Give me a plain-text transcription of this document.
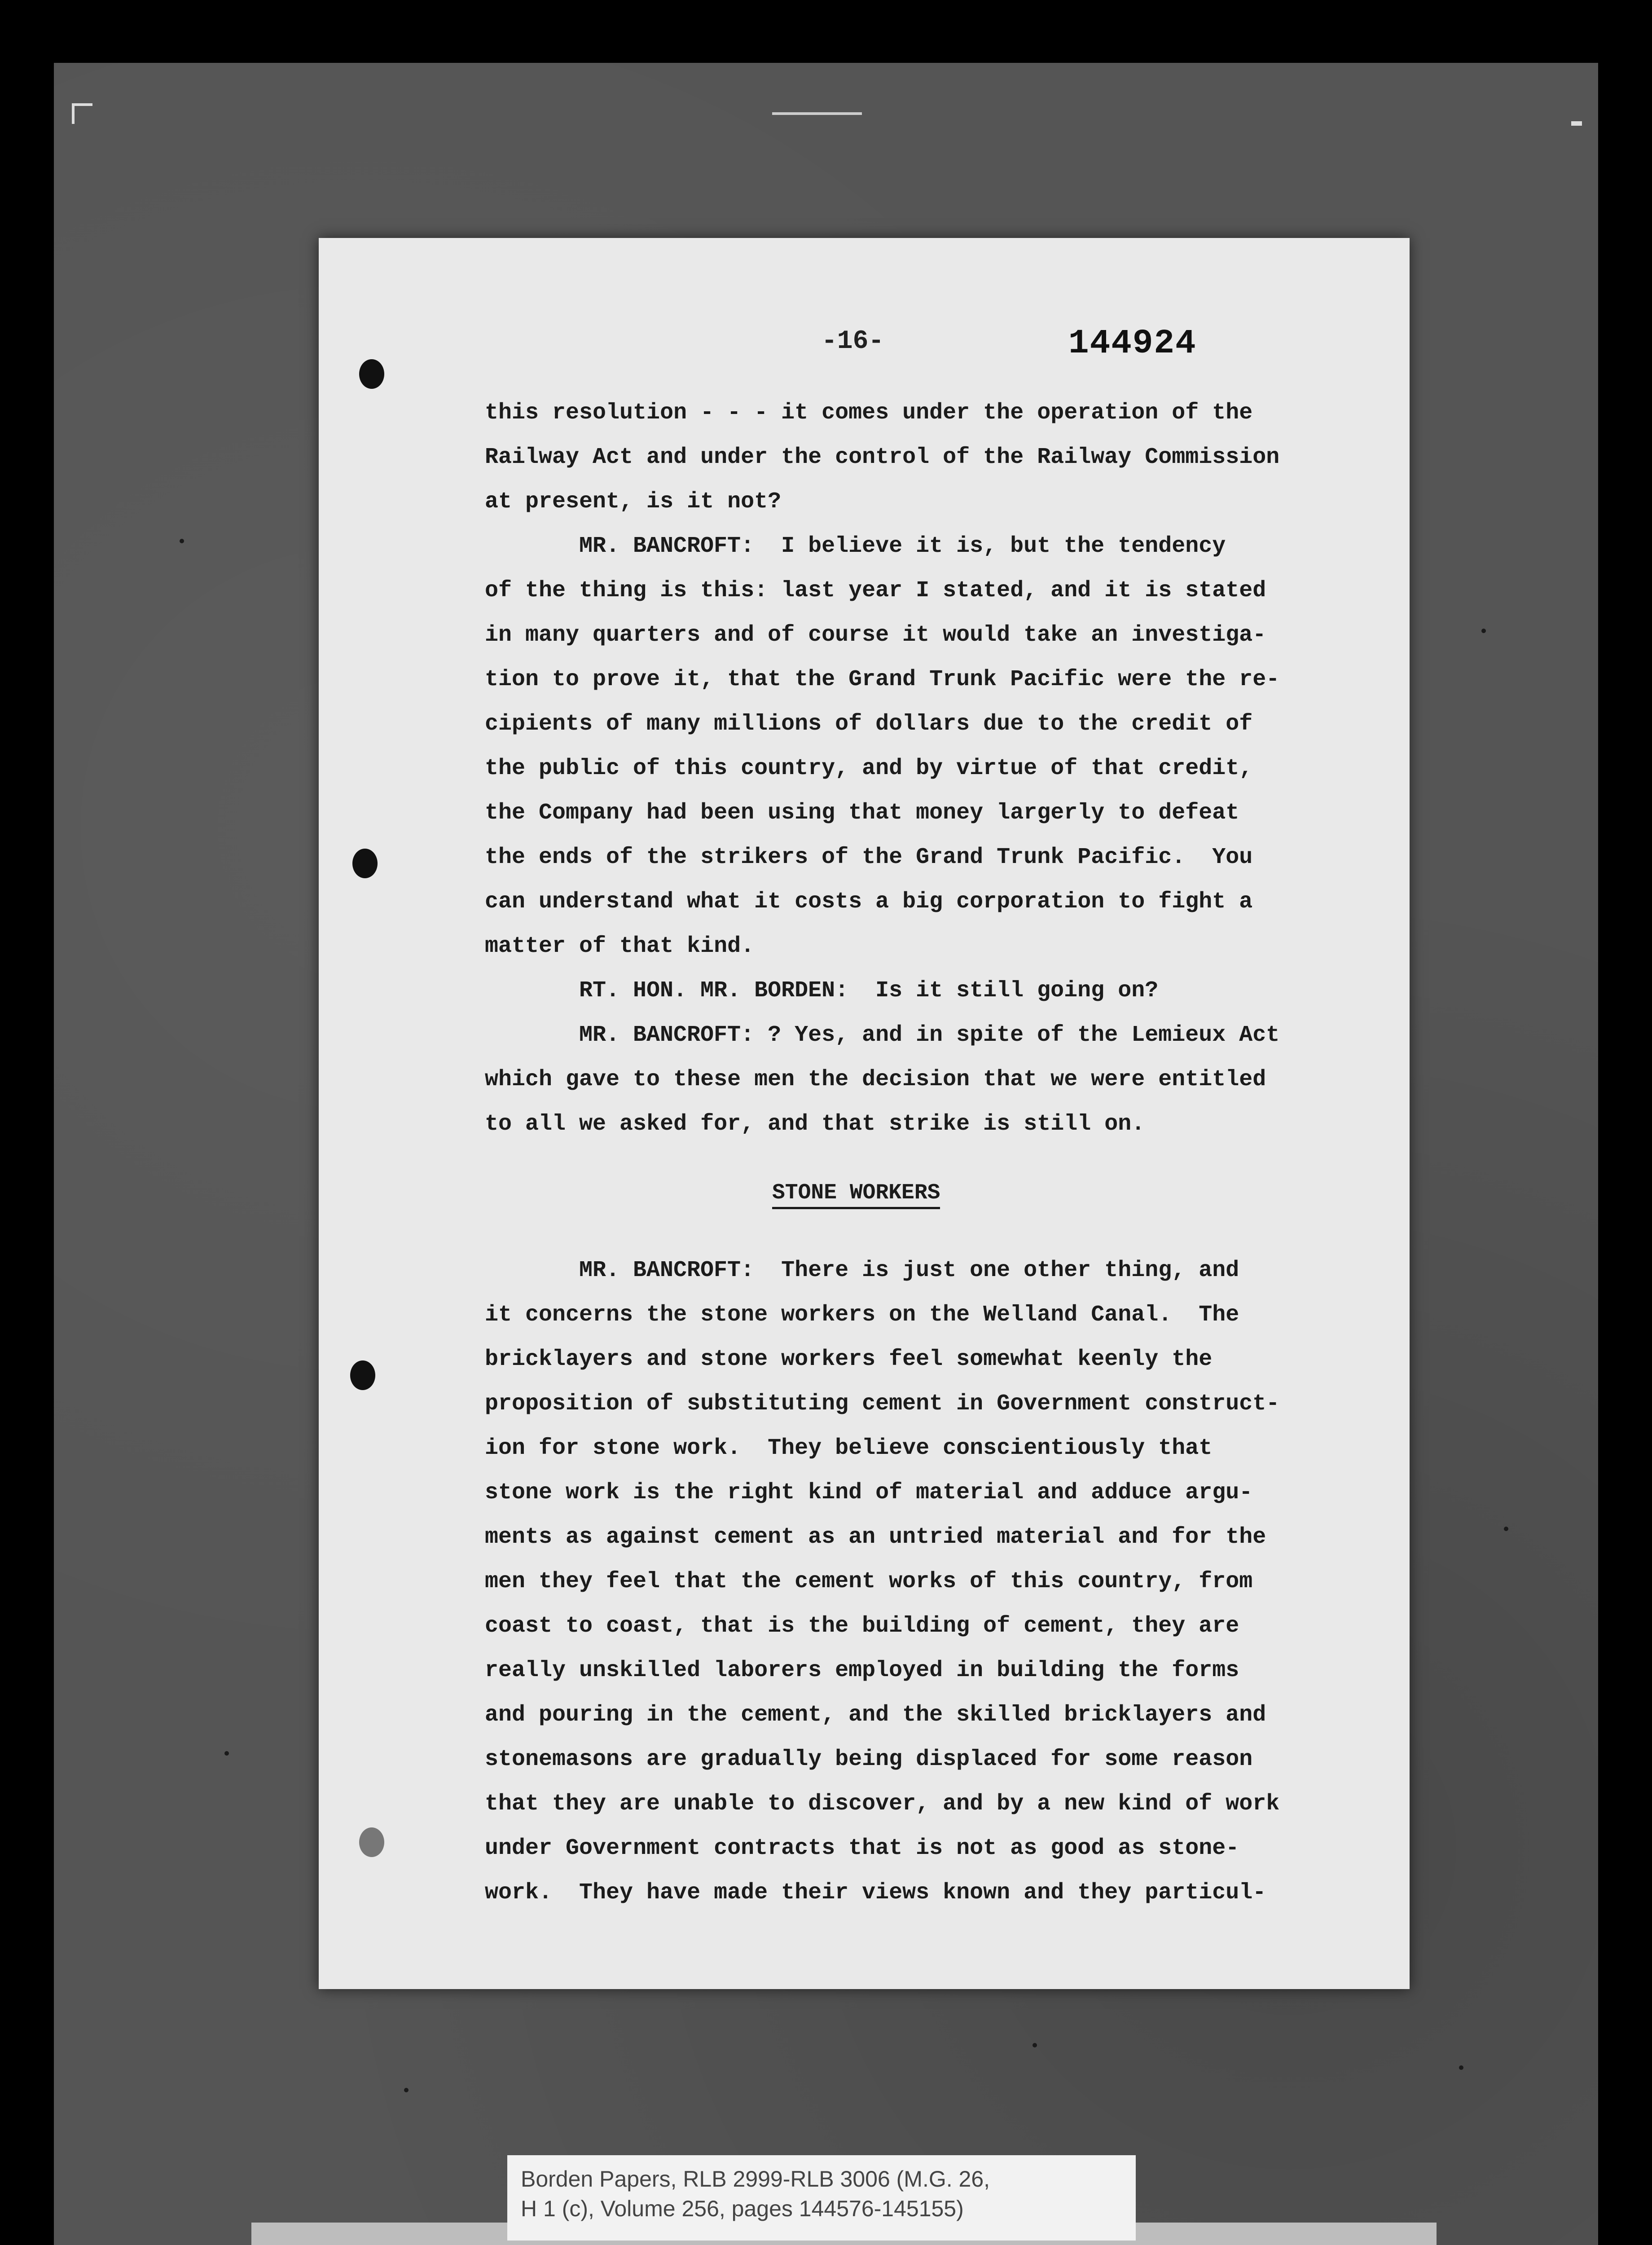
-16-	144924
this resolution - - - it comes under the operation of the
Railway Act and under the control of the Railway Commission
at present, is it not?
MR. BANCROFT:  I believe it is, but the tendency
of the thing is this: last year I stated, and it is stated
in many quarters and of course it would take an investiga-
tion to prove it, that the Grand Trunk Pacific were the re-
cipients of many millions of dollars due to the credit of
the public of this country, and by virtue of that credit,
the Company had been using that money largerly to defeat
the ends of the strikers of the Grand Trunk Pacific.  You
can understand what it costs a big corporation to fight a
matter of that kind.
RT. HON. MR. BORDEN:  Is it still going on?
MR. BANCROFT: ? Yes, and in spite of the Lemieux Act
which gave to these men the decision that we were entitled
to all we asked for, and that strike is still on.
STONE WORKERS
MR. BANCROFT:  There is just one other thing, and
it concerns the stone workers on the Welland Canal.  The
bricklayers and stone workers feel somewhat keenly the
proposition of substituting cement in Government construct-
ion for stone work.  They believe conscientiously that
stone work is the right kind of material and adduce argu-
ments as against cement as an untried material and for the
men they feel that the cement works of this country, from
coast to coast, that is the building of cement, they are
really unskilled laborers employed in building the forms
and pouring in the cement, and the skilled bricklayers and
stonemasons are gradually being displaced for some reason
that they are unable to discover, and by a new kind of work
under Government contracts that is not as good as stone-
work.  They have made their views known and they particul-
Borden Papers, RLB 2999-RLB 3006 (M.G. 26,
H 1 (c), Volume 256, pages 144576-145155)
